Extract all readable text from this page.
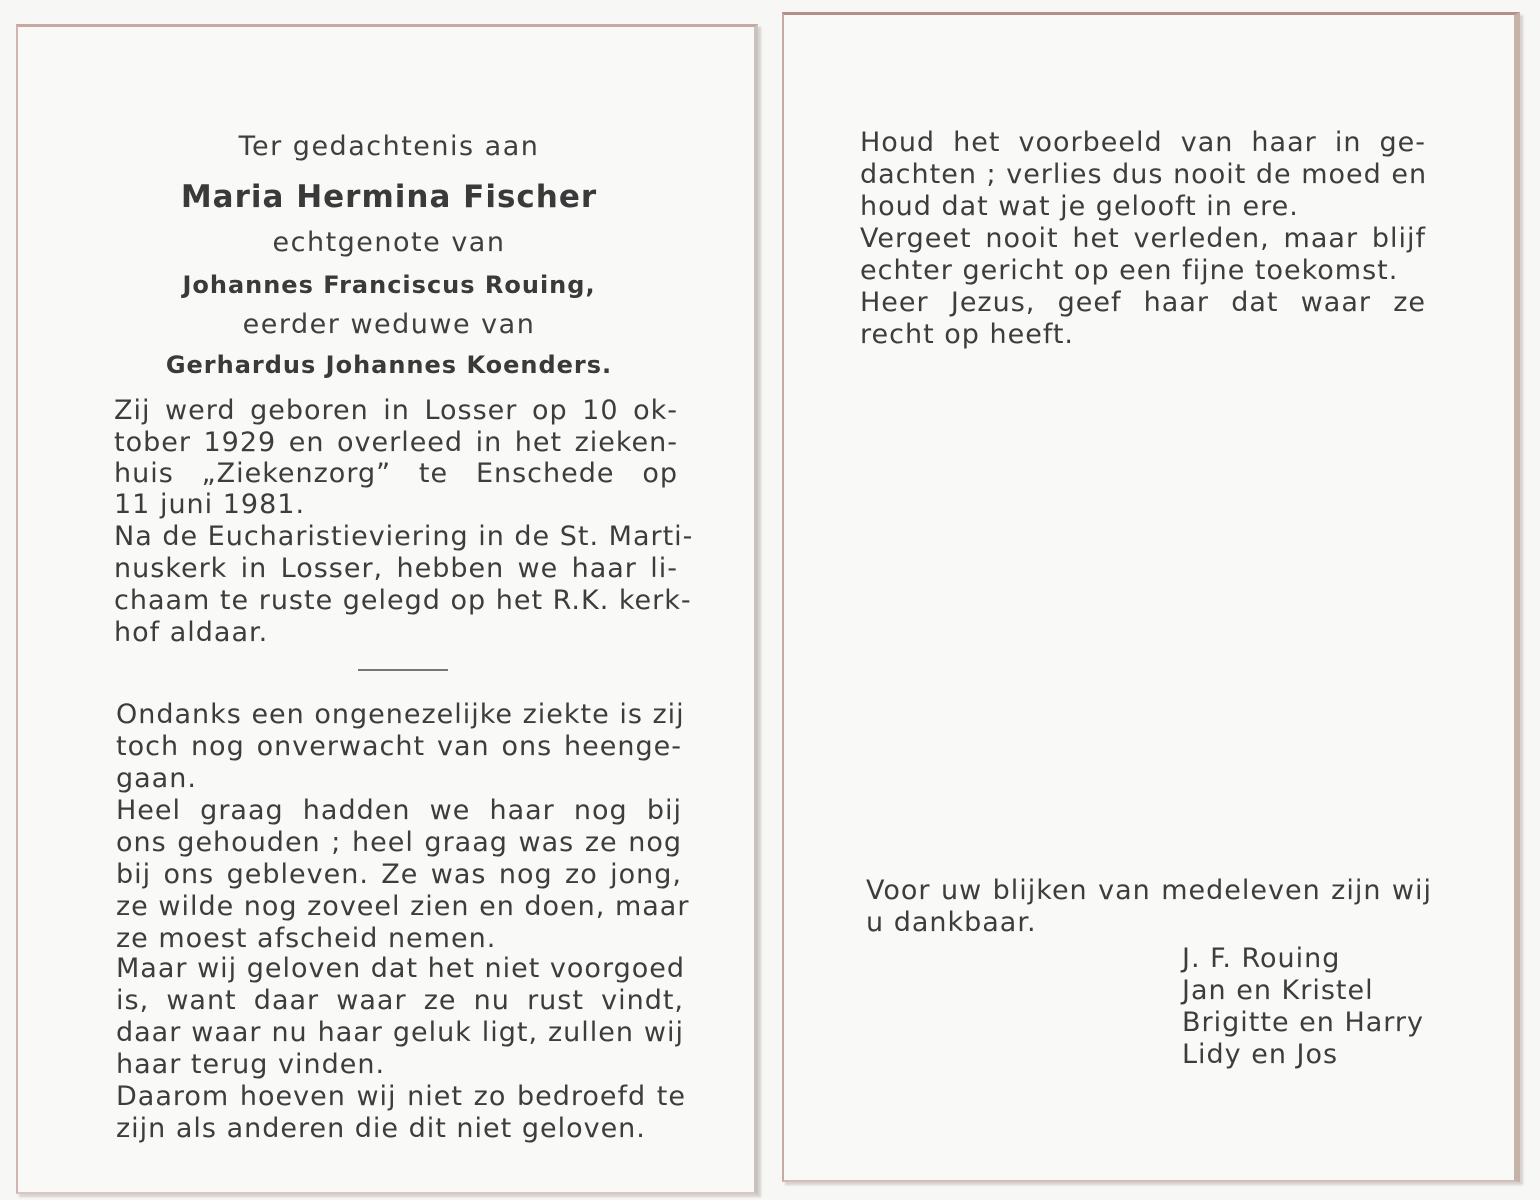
Ter gedachtenis aan

Maria Hermina Fischer

echtgenote van

Johannes Franciscus Rouing,

eerder weduwe van

Gerhardus Johannes Koenders.

Zij werd geboren in Losser op 10 ok-

tober 1929 en overleed in het zieken-

huis „Ziekenzorg” te Enschede op

11 juni 1981.

Na de Eucharistieviering in de St. Marti-

nuskerk in Losser, hebben we haar li-

chaam te ruste gelegd op het R.K. kerk-

hof aldaar.

Ondanks een ongenezelijke ziekte is zij

toch nog onverwacht van ons heenge-

gaan.

Heel graag hadden we haar nog bij

ons gehouden ; heel graag was ze nog

bij ons gebleven. Ze was nog zo jong,

ze wilde nog zoveel zien en doen, maar

ze moest afscheid nemen.

Maar wij geloven dat het niet voorgoed

is, want daar waar ze nu rust vindt,

daar waar nu haar geluk ligt, zullen wij

haar terug vinden.

Daarom hoeven wij niet zo bedroefd te

zijn als anderen die dit niet geloven.

Houd het voorbeeld van haar in ge-

dachten ; verlies dus nooit de moed en

houd dat wat je gelooft in ere.

Vergeet nooit het verleden, maar blijf

echter gericht op een fijne toekomst.

Heer Jezus, geef haar dat waar ze

recht op heeft.

Voor uw blijken van medeleven zijn wij

u dankbaar.

J. F. Rouing

Jan en Kristel

Brigitte en Harry

Lidy en Jos
